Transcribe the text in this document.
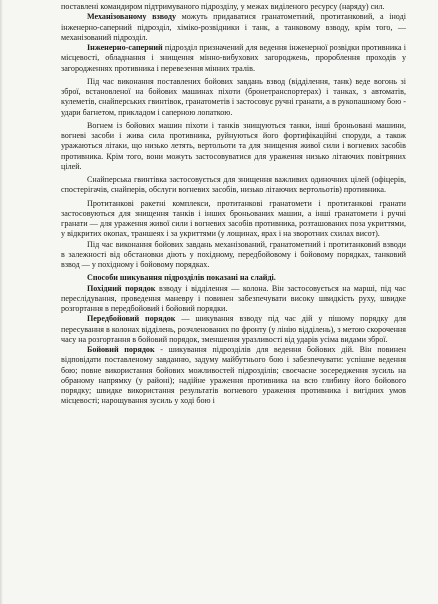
поставлені командиром підтримуваного підрозділу, у межах виділеного ресурсу (наряду) сил.

Механізованому взводу можуть придаватися гранатометний, протитанковий, а іноді інженерно-саперний підрозділ, хіміко-розвідники і танк, а танковому взводу, крім того, — механізований підрозділ.

Інженерно-саперний підрозділ призначений для ведення інженерної розвідки противника і місцевості, обладнання і знищення мінно-вибухових загороджень, пророблення проходів у загородженнях противника і перевезення мінних тралів.

Під час виконання поставлених бойових завдань взвод (відділення, танк) веде вогонь зі зброї, встановленої на бойових машинах піхоти (бронетранспортерах) і танках, з автоматів, кулеметів, снайперських гвинтівок, гранатометів і застосовує ручні гранати, а в рукопашному бою - удари багнетом, прикладом і саперною лопаткою.

Вогнем із бойових машин піхоти і танків знищуються танки, інші броньовані машини, вогневі засоби і жива сила противника, руйнуються його фортифікаційні споруди, а також уражаються літаки, що низько летять, вертольоти та для знищення живої сили і вогневих засобів противника. Крім того, вони можуть застосовуватися для ураження низько літаючих повітряних цілей.

Снайперська гвинтівка застосовується для знищення важливих одиночних цілей (офіцерів, спостерігачів, снайперів, обслуги вогневих засобів, низько літаючих вертольотів) противника.

Протитанкові ракетні комплекси, протитанкові гранатомети і протитанкові гранати застосовуються для знищення танків і інших броньованих машин, а інші гранатомети і ручні гранати — для ураження живої сили і вогневих засобів противника, розташованих поза укриттями, у відкритих окопах, траншеях і за укриттями (у лощинах, ярах і на зворотних схилах висот).

Під час виконання бойових завдань механізований, гранатометний і протитанковий взводи в залежності від обстановки діють у похідному, передбойовому і бойовому порядках, танковий взвод — у похідному і бойовому порядках.

Способи шикування підрозділів показані на слайді.

Похідний порядок взводу і відділення — колона. Він застосовується на марші, під час переслідування, проведення маневру і повинен забезпечувати високу швидкість руху, швидке розгортання в передбойовий і бойовий порядки.

Передбойовий порядок — шикування взводу під час дій у пішому порядку для пересування в колонах відділень, розчленованих по фронту (у лінію відділень), з метою скорочення часу на розгортання в бойовий порядок, зменшення уразливості від ударів усіма видами зброї.

Бойовий порядок - шикування підрозділів для ведення бойових дій. Він повинен відповідати поставленому завданню, задуму майбутнього бою і забезпечувати: успішне ведення бою; повне використання бойових можливостей підрозділів; своєчасне зосередження зусиль на обраному напрямку (у районі); надійне ураження противника на всю глибину його бойового порядку; швидке використання результатів вогневого ураження противника і вигідних умов місцевості; нарощування зусиль у ході бою і
